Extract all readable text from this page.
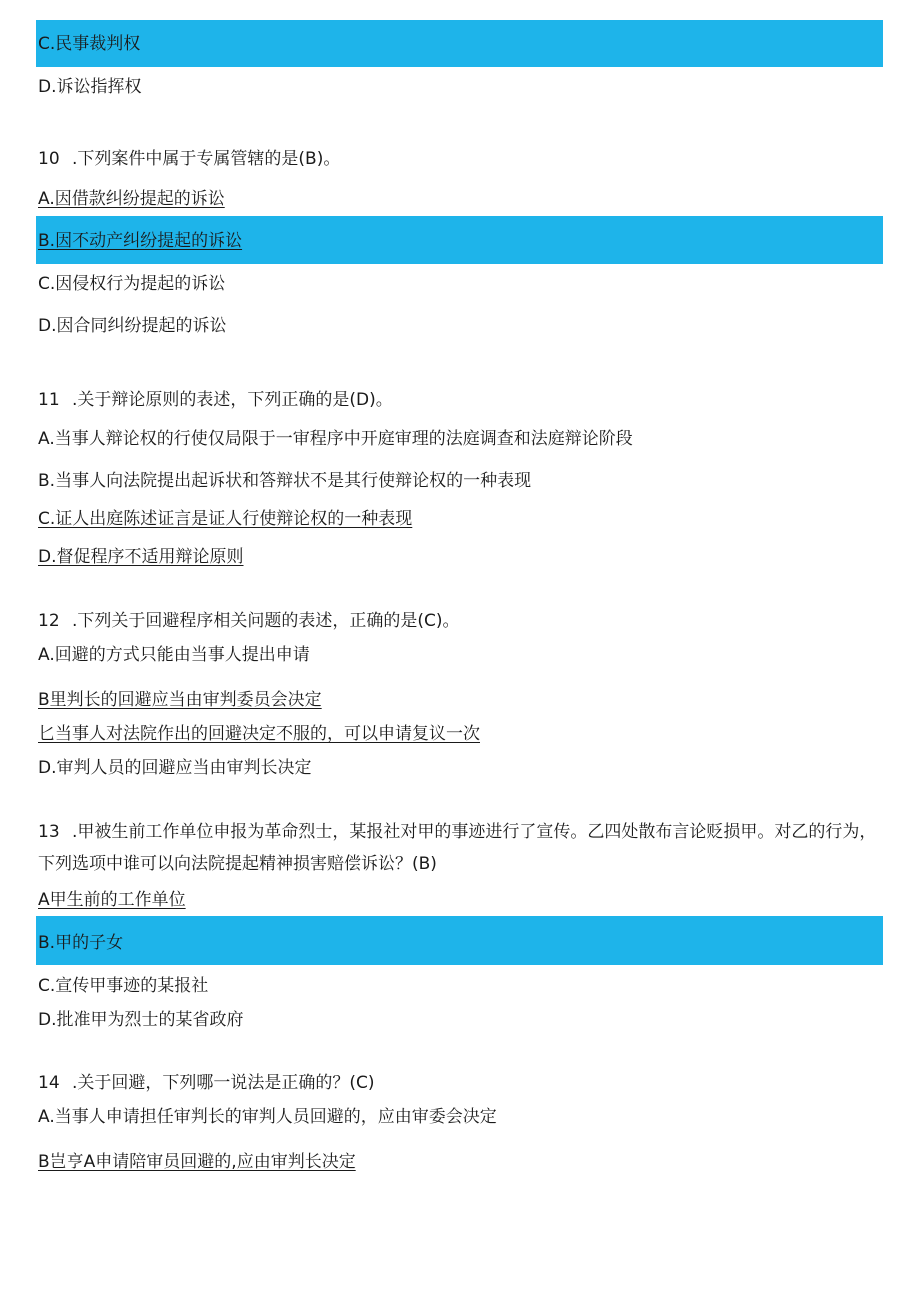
C.民事裁判权
D.诉讼指挥权
10 .下列案件中属于专属管辖的是(B)。
A.因借款纠纷提起的诉讼
B.因不动产纠纷提起的诉讼
C.因侵权行为提起的诉讼
D.因合同纠纷提起的诉讼
11 .关于辩论原则的表述，下列正确的是(D)。
A.当事人辩论权的行使仅局限于一审程序中开庭审理的法庭调查和法庭辩论阶段
B.当事人向法院提出起诉状和答辩状不是其行使辩论权的一种表现
C.证人出庭陈述证言是证人行使辩论权的一种表现
D.督促程序不适用辩论原则
12 .下列关于回避程序相关问题的表述，正确的是(C)。
A.回避的方式只能由当事人提出申请
B里判长的回避应当由审判委员会决定
匕当事人对法院作出的回避决定不服的，可以申请复议一次
D.审判人员的回避应当由审判长决定
13 .甲被生前工作单位申报为革命烈士，某报社对甲的事迹进行了宣传。乙四处散布言论贬损甲。对乙的行为，下列选项中谁可以向法院提起精神损害赔偿诉讼？(B)
A甲生前的工作单位
B.甲的子女
C.宣传甲事迹的某报社
D.批准甲为烈士的某省政府
14 .关于回避，下列哪一说法是正确的？(C)
A.当事人申请担任审判长的审判人员回避的，应由审委会决定
B岂亨A申请陪审员回避的,应由审判长决定
